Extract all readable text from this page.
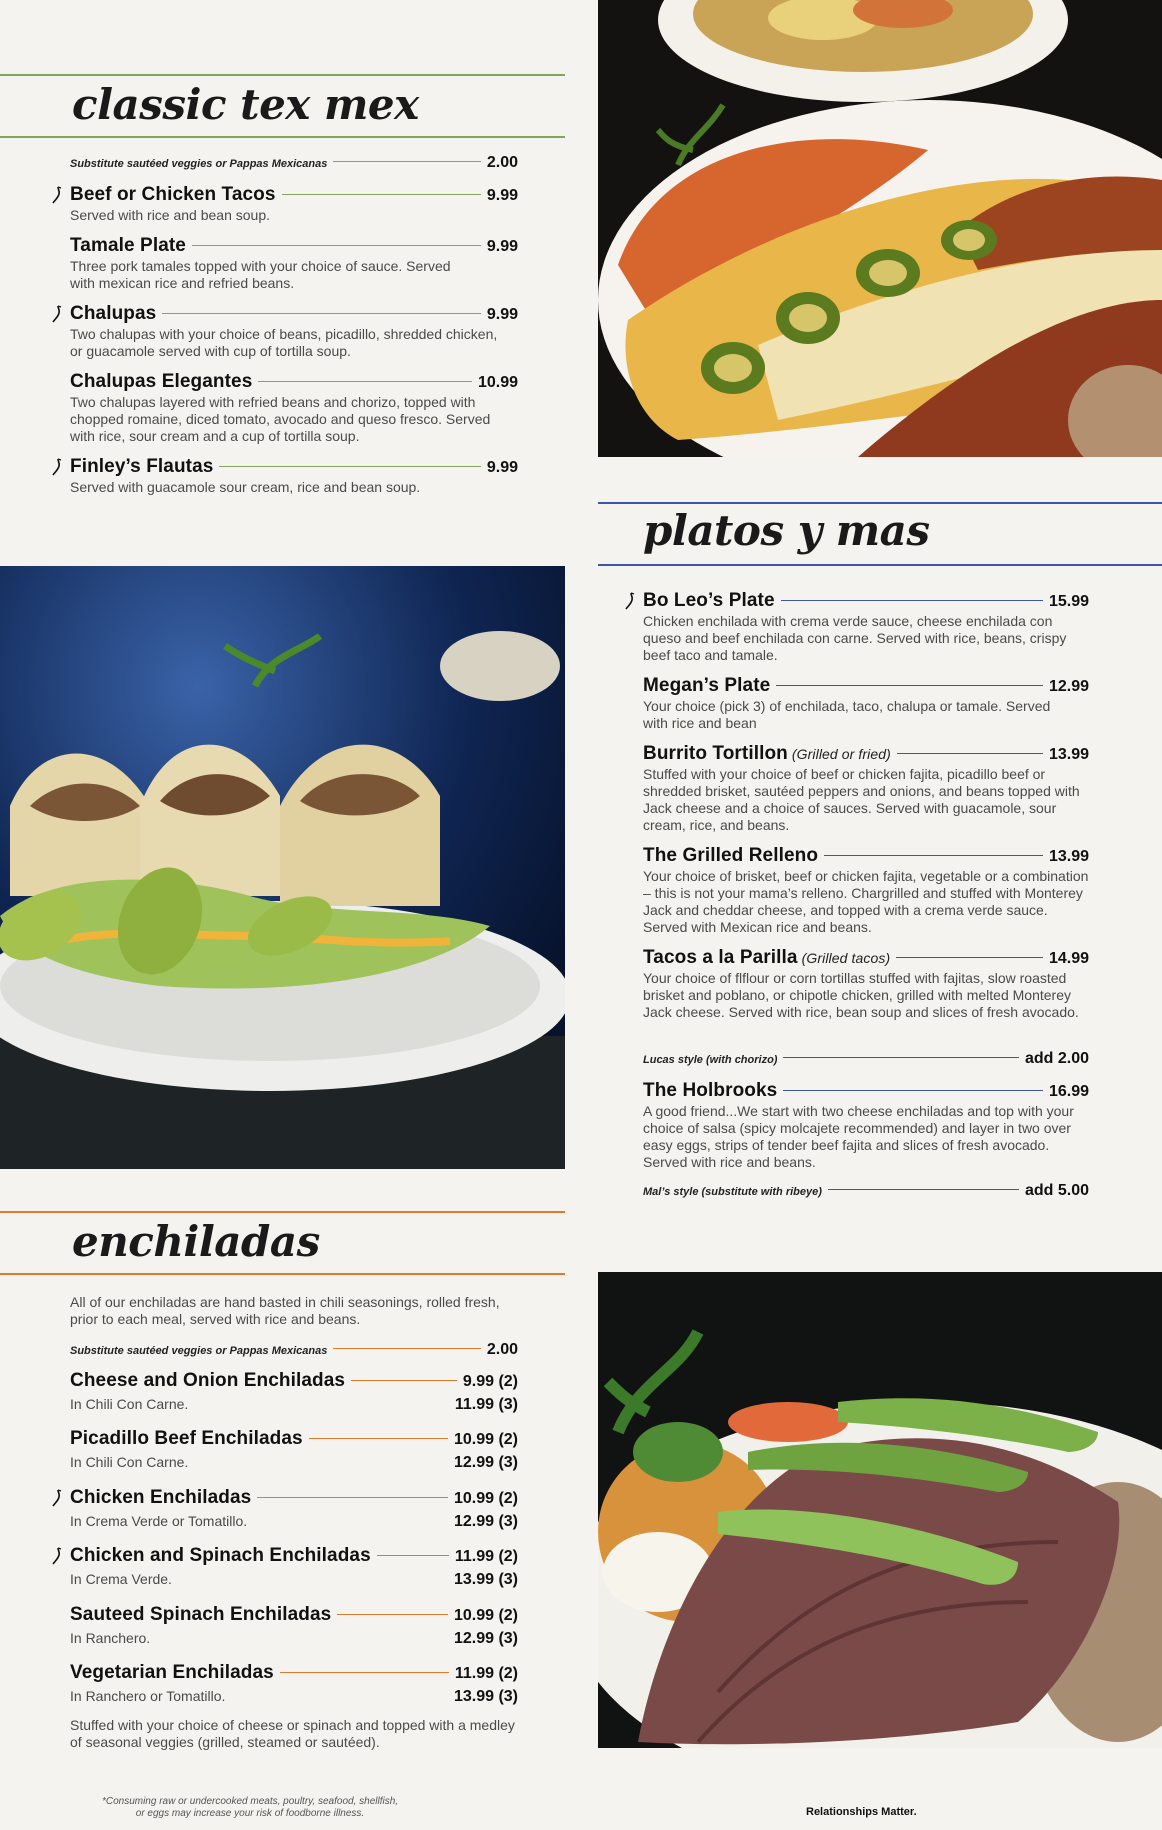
classic tex mex
Substitute sautéed veggies or Pappas Mexicanas	2.00
Beef or Chicken Tacos	9.99
Served with rice and bean soup.
Tamale Plate	9.99
Three pork tamales topped with your choice of sauce. Served with mexican rice and refried beans.
Chalupas	9.99
Two chalupas with your choice of beans, picadillo, shredded chicken, or guacamole served with cup of tortilla soup.
Chalupas Elegantes	10.99
Two chalupas layered with refried beans and chorizo, topped with chopped romaine, diced tomato, avocado and queso fresco. Served with rice, sour cream and a cup of tortilla soup.
Finley’s Flautas	9.99
Served with guacamole sour cream, rice and bean soup.
platos y mas
Bo Leo’s Plate	15.99
Chicken enchilada with crema verde sauce, cheese enchilada con queso and beef enchilada con carne. Served with rice, beans, crispy beef taco and tamale.
Megan’s Plate	12.99
Your choice (pick 3) of enchilada, taco, chalupa or tamale. Served with rice and bean
Burrito Tortillon (Grilled or fried)	13.99
Stuffed with your choice of beef or chicken fajita, picadillo beef or shredded brisket, sautéed peppers and onions, and beans topped with Jack cheese and a choice of sauces. Served with guacamole, sour cream, rice, and beans.
The Grilled Relleno	13.99
Your choice of brisket, beef or chicken fajita, vegetable or a combination – this is not your mama’s relleno. Chargrilled and stuffed with Monterey Jack and cheddar cheese, and topped with a crema verde sauce. Served with Mexican rice and beans.
Tacos a la Parilla (Grilled tacos)	14.99
Your choice of flflour or corn tortillas stuffed with fajitas, slow roasted brisket and poblano, or chipotle chicken, grilled with melted Monterey Jack cheese. Served with rice, bean soup and slices of fresh avocado.
Lucas style (with chorizo)	add 2.00
The Holbrooks	16.99
A good friend...We start with two cheese enchiladas and top with your choice of salsa (spicy molcajete recommended) and layer in two over easy eggs, strips of tender beef fajita and slices of fresh avocado. Served with rice and beans.
Mal’s style (substitute with ribeye)	add 5.00
enchiladas
All of our enchiladas are hand basted in chili seasonings, rolled fresh, prior to each meal, served with rice and beans.
Substitute sautéed veggies or Pappas Mexicanas	2.00
Cheese and Onion Enchiladas	9.99 (2)
In Chili Con Carne.	11.99 (3)
Picadillo Beef Enchiladas	10.99 (2)
In Chili Con Carne.	12.99 (3)
Chicken Enchiladas	10.99 (2)
In Crema Verde or Tomatillo.	12.99 (3)
Chicken and Spinach Enchiladas	11.99 (2)
In Crema Verde.	13.99 (3)
Sauteed Spinach Enchiladas	10.99 (2)
In Ranchero.	12.99 (3)
Vegetarian Enchiladas	11.99 (2)
In Ranchero or Tomatillo.	13.99 (3)
Stuffed with your choice of cheese or spinach and topped with a medley of seasonal veggies (grilled, steamed or sautéed).
*Consuming raw or undercooked meats, poultry, seafood, shellfish, or eggs may increase your risk of foodborne illness.	Relationships Matter.
